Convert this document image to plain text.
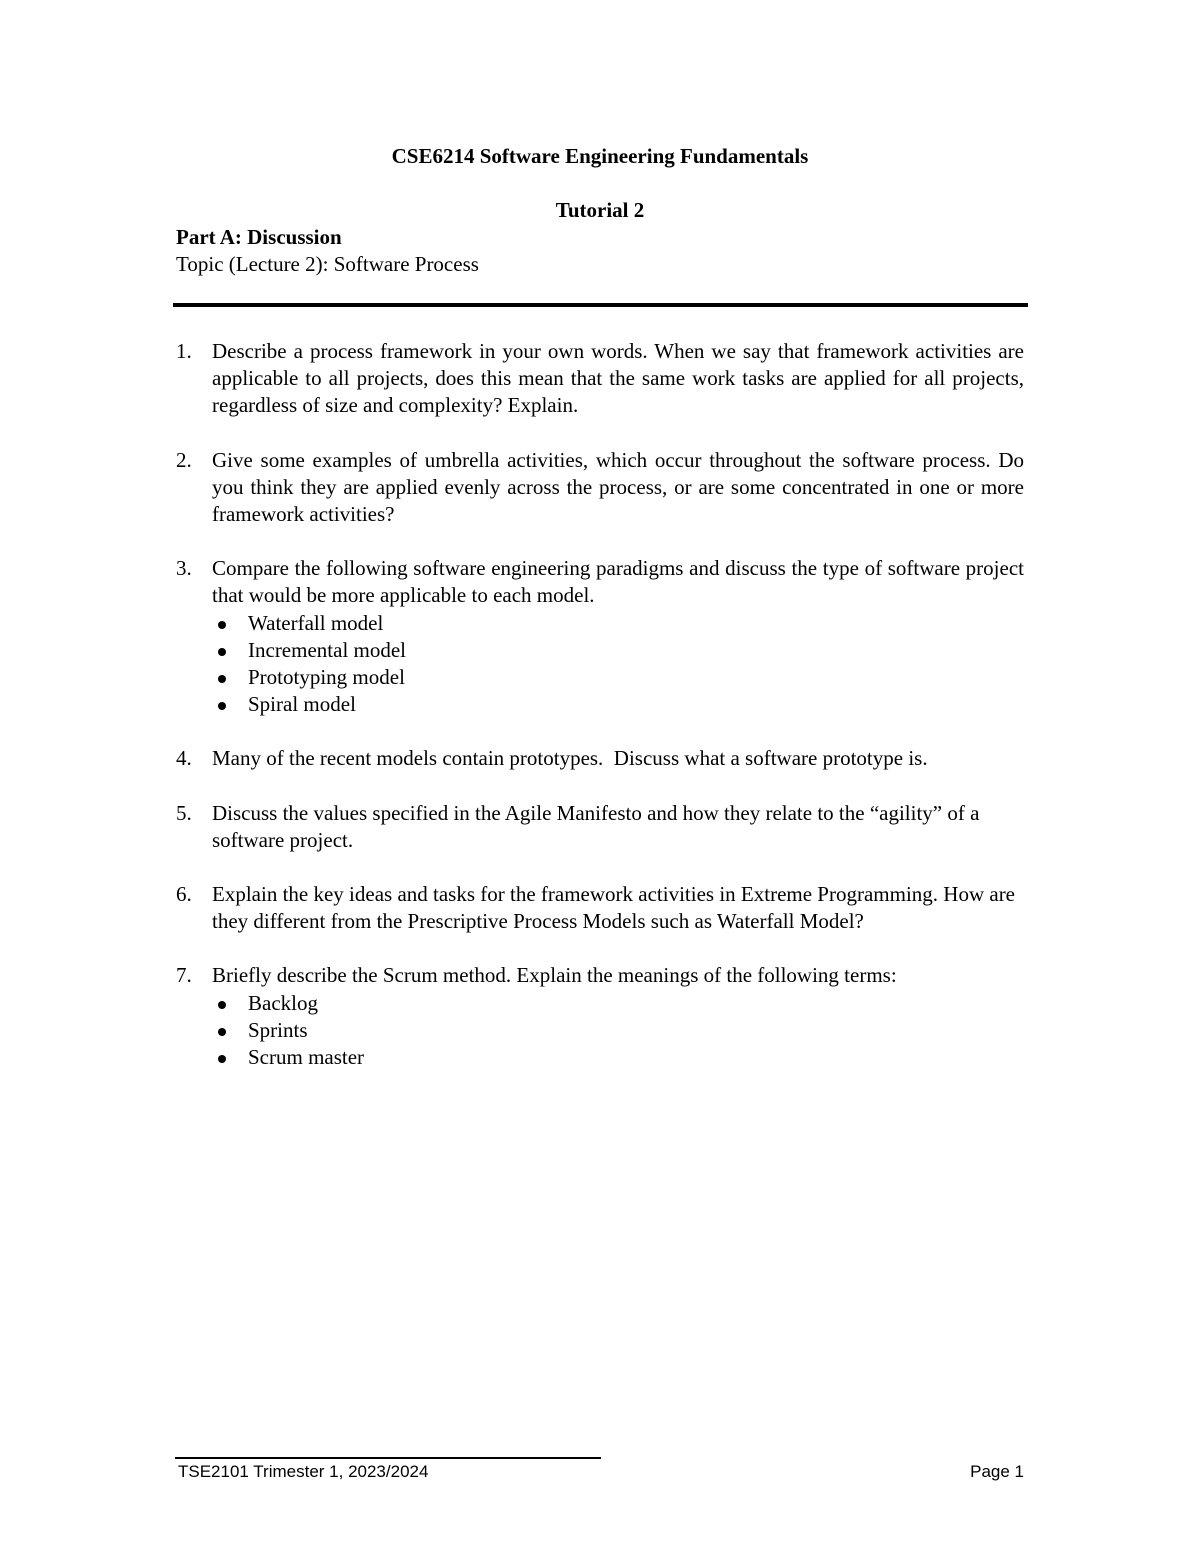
CSE6214 Software Engineering Fundamentals
Tutorial 2
Part A: Discussion
Topic (Lecture 2): Software Process
1. Describe a process framework in your own words. When we say that framework activities are applicable to all projects, does this mean that the same work tasks are applied for all projects, regardless of size and complexity? Explain.
2. Give some examples of umbrella activities, which occur throughout the software process. Do you think they are applied evenly across the process, or are some concentrated in one or more framework activities?
3. Compare the following software engineering paradigms and discuss the type of software project that would be more applicable to each model.
Waterfall model
Incremental model
Prototyping model
Spiral model
4. Many of the recent models contain prototypes.  Discuss what a software prototype is.
5. Discuss the values specified in the Agile Manifesto and how they relate to the “agility” of a software project.
6. Explain the key ideas and tasks for the framework activities in Extreme Programming. How are they different from the Prescriptive Process Models such as Waterfall Model?
7. Briefly describe the Scrum method. Explain the meanings of the following terms:
Backlog
Sprints
Scrum master
TSE2101 Trimester 1, 2023/2024	Page 1
